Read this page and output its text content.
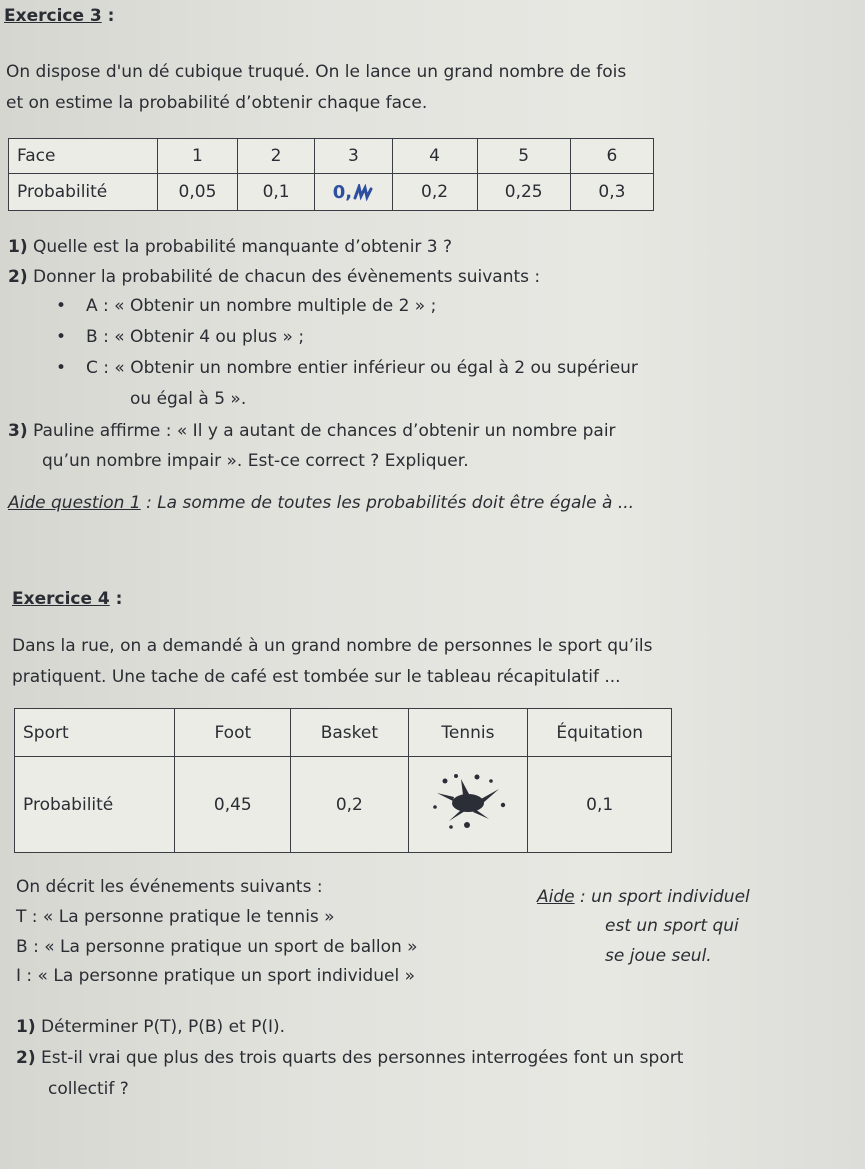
Exercice 3 :
On dispose d'un dé cubique truqué. On le lance un grand nombre de fois
et on estime la probabilité d’obtenir chaque face.
Face	1	2	3	4	5	6
Probabilité	0,05	0,1	0,	0,2	0,25	0,3
1) Quelle est la probabilité manquante d’obtenir 3 ?
2) Donner la probabilité de chacun des évènements suivants :
• A : « Obtenir un nombre multiple de 2 » ;
• B : « Obtenir 4 ou plus » ;
• C : « Obtenir un nombre entier inférieur ou égal à 2 ou supérieur
ou égal à 5 ».
3) Pauline affirme : « Il y a autant de chances d’obtenir un nombre pair
qu’un nombre impair ». Est-ce correct ? Expliquer.
Aide question 1 : La somme de toutes les probabilités doit être égale à ...
Exercice 4 :
Dans la rue, on a demandé à un grand nombre de personnes le sport qu’ils
pratiquent. Une tache de café est tombée sur le tableau récapitulatif ...
Sport	Foot	Basket	Tennis	Équitation
Probabilité	0,45	0,2		0,1
On décrit les événements suivants :
T : « La personne pratique le tennis »
B : « La personne pratique un sport de ballon »
I : « La personne pratique un sport individuel »
Aide : un sport individuel
est un sport qui
se joue seul.
1) Déterminer P(T), P(B) et P(I).
2) Est-il vrai que plus des trois quarts des personnes interrogées font un sport
collectif ?
